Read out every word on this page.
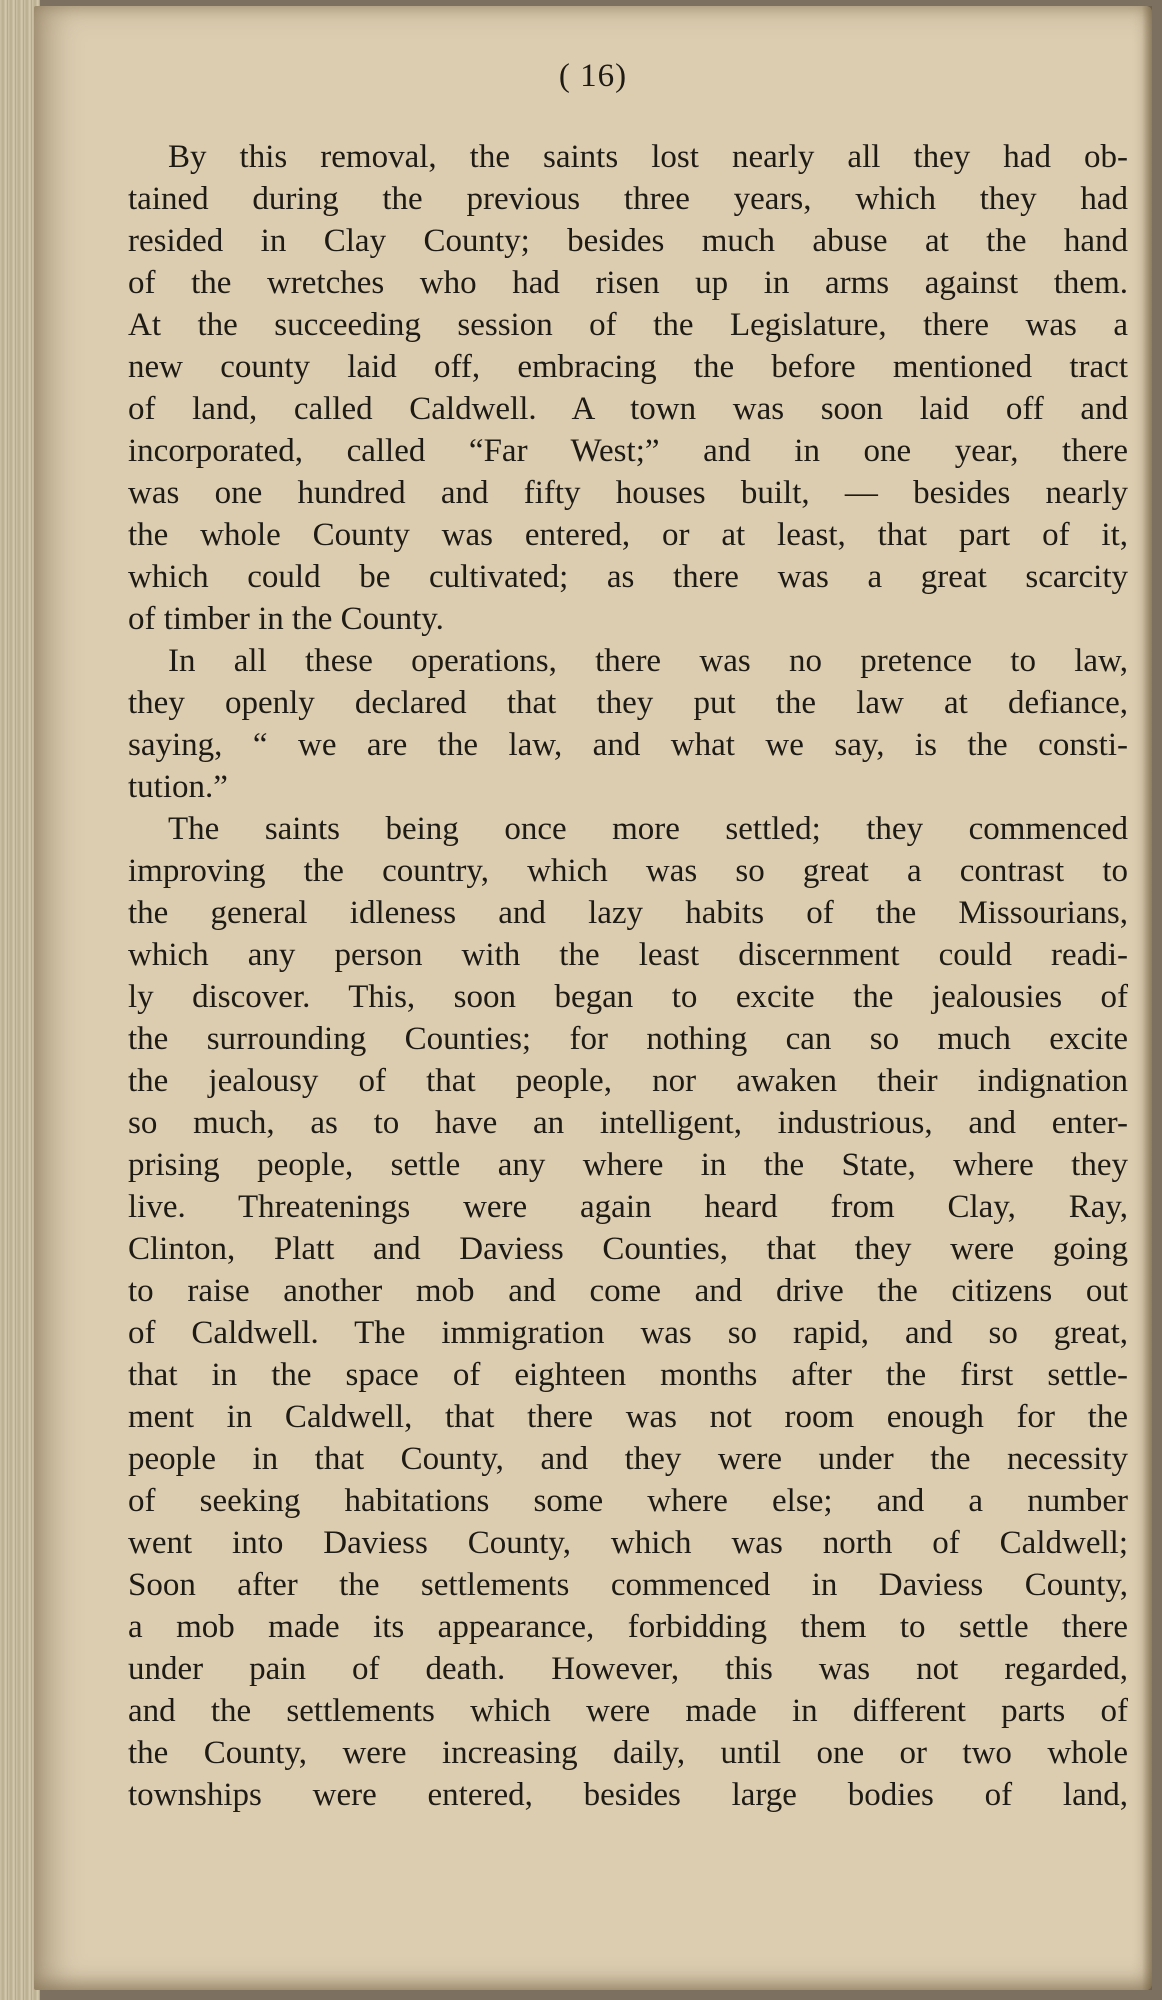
( 16)
By this removal, the saints lost nearly all they had ob-
tained during the previous three years, which they had
resided in Clay County; besides much abuse at the hand
of the wretches who had risen up in arms against them.
At the succeeding session of the Legislature, there was a
new county laid off, embracing the before mentioned tract
of land, called Caldwell. A town was soon laid off and
incorporated, called “Far West;” and in one year, there
was one hundred and fifty houses built, — besides nearly
the whole County was entered, or at least, that part of it,
which could be cultivated; as there was a great scarcity
of timber in the County.
In all these operations, there was no pretence to law,
they openly declared that they put the law at defiance,
saying, “ we are the law, and what we say, is the consti-
tution.”
The saints being once more settled; they commenced
improving the country, which was so great a contrast to
the general idleness and lazy habits of the Missourians,
which any person with the least discernment could readi-
ly discover. This, soon began to excite the jealousies of
the surrounding Counties; for nothing can so much excite
the jealousy of that people, nor awaken their indignation
so much, as to have an intelligent, industrious, and enter-
prising people, settle any where in the State, where they
live. Threatenings were again heard from Clay, Ray,
Clinton, Platt and Daviess Counties, that they were going
to raise another mob and come and drive the citizens out
of Caldwell. The immigration was so rapid, and so great,
that in the space of eighteen months after the first settle-
ment in Caldwell, that there was not room enough for the
people in that County, and they were under the necessity
of seeking habitations some where else; and a number
went into Daviess County, which was north of Caldwell;
Soon after the settlements commenced in Daviess County,
a mob made its appearance, forbidding them to settle there
under pain of death. However, this was not regarded,
and the settlements which were made in different parts of
the County, were increasing daily, until one or two whole
townships were entered, besides large bodies of land,
